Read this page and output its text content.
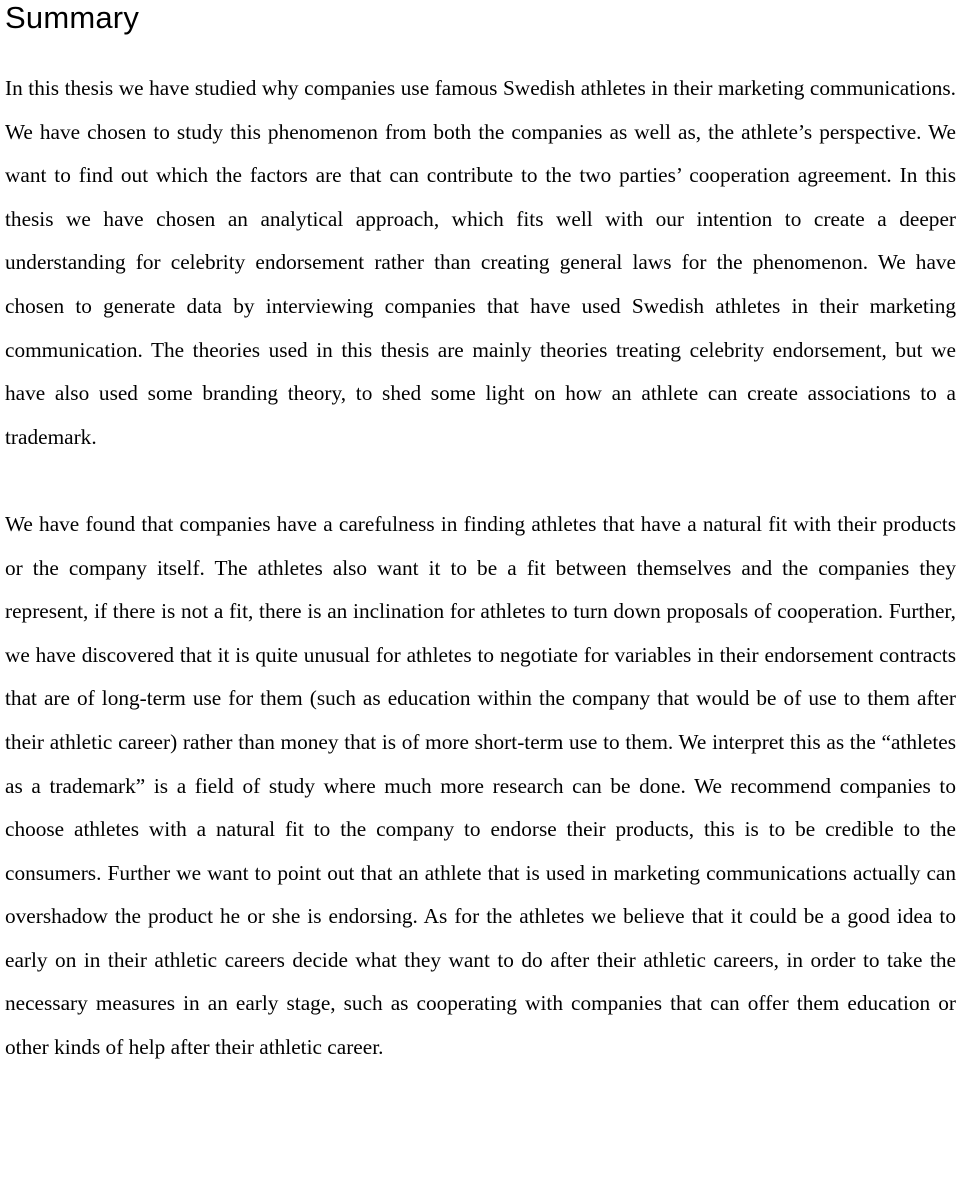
Summary

In this thesis we have studied why companies use famous Swedish athletes in their marketing communications. We have chosen to study this phenomenon from both the companies as well as, the athlete’s perspective. We want to find out which the factors are that can contribute to the two parties’ cooperation agreement. In this thesis we have chosen an analytical approach, which fits well with our intention to create a deeper understanding for celebrity endorsement rather than creating general laws for the phenomenon. We have chosen to generate data by interviewing companies that have used Swedish athletes in their marketing communication. The theories used in this thesis are mainly theories treating celebrity endorsement, but we have also used some branding theory, to shed some light on how an athlete can create associations to a trademark.

We have found that companies have a carefulness in finding athletes that have a natural fit with their products or the company itself. The athletes also want it to be a fit between themselves and the companies they represent, if there is not a fit, there is an inclination for athletes to turn down proposals of cooperation. Further, we have discovered that it is quite unusual for athletes to negotiate for variables in their endorsement contracts that are of long-term use for them (such as education within the company that would be of use to them after their athletic career) rather than money that is of more short-term use to them. We interpret this as the “athletes as a trademark” is a field of study where much more research can be done. We recommend companies to choose athletes with a natural fit to the company to endorse their products, this is to be credible to the consumers. Further we want to point out that an athlete that is used in marketing communications actually can overshadow the product he or she is endorsing. As for the athletes we believe that it could be a good idea to early on in their athletic careers decide what they want to do after their athletic careers, in order to take the necessary measures in an early stage, such as cooperating with companies that can offer them education or other kinds of help after their athletic career.
